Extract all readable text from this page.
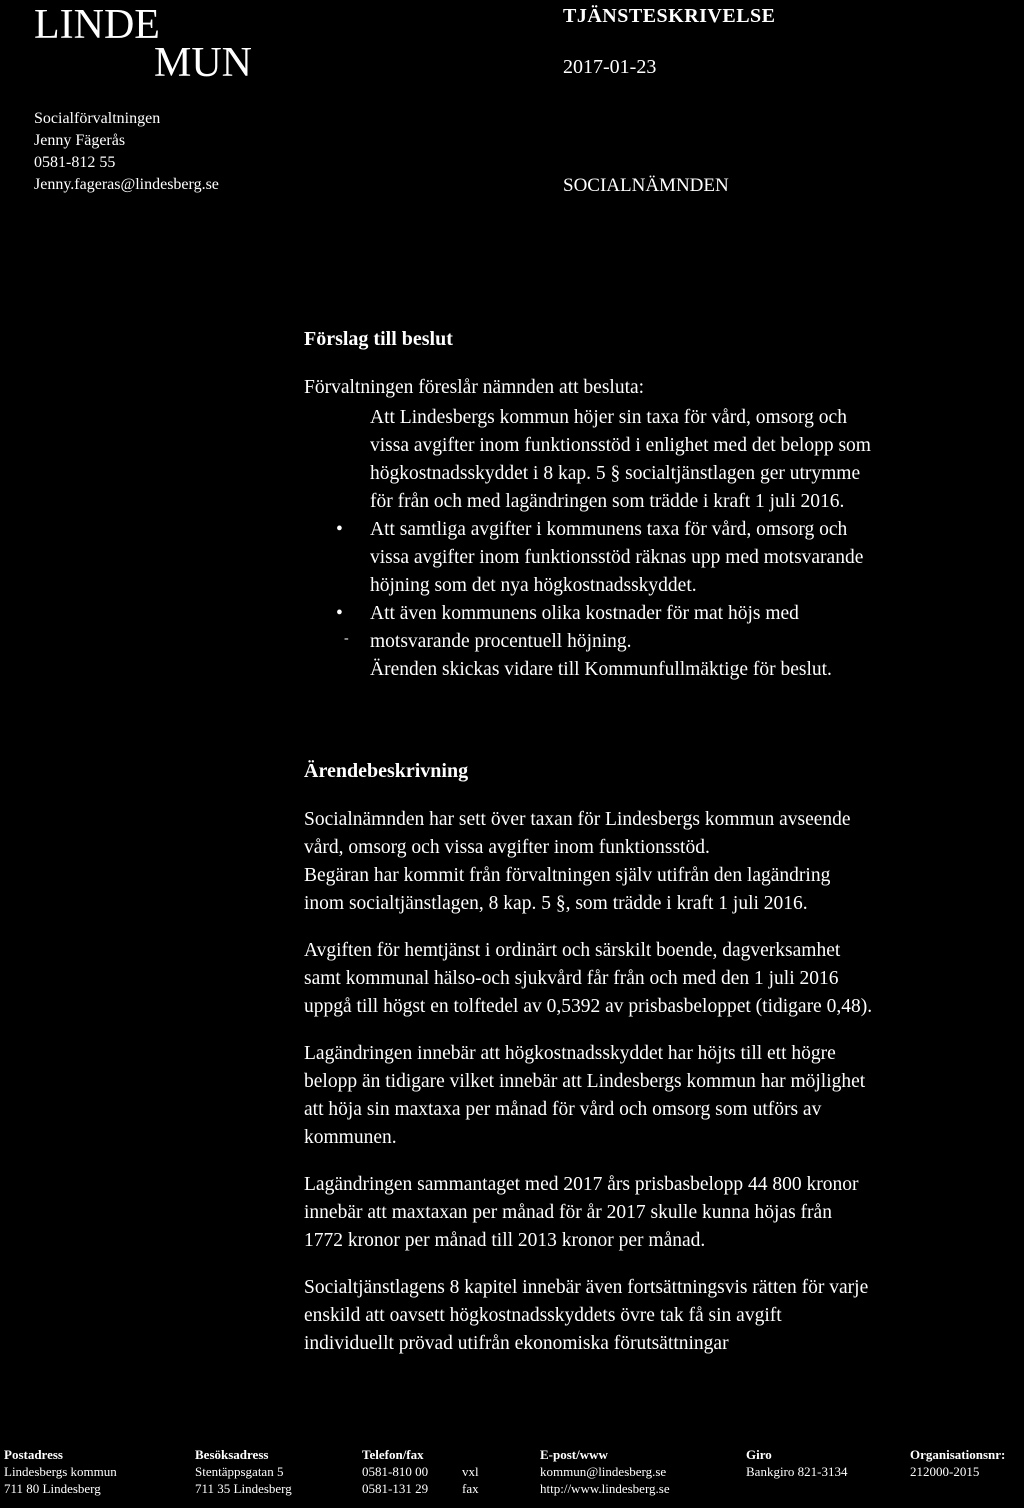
LINDE
MUN
Socialförvaltningen
Jenny Fägerås
0581-812 55
Jenny.fageras@lindesberg.se
TJÄNSTESKRIVELSE
2017-01-23
SOCIALNÄMNDEN
Förslag till beslut
Förvaltningen föreslår nämnden att besluta:
Att Lindesbergs kommun höjer sin taxa för vård, omsorg och
vissa avgifter inom funktionsstöd i enlighet med det belopp som
högkostnadsskyddet i 8 kap. 5 § socialtjänstlagen ger utrymme
för från och med lagändringen som trädde i kraft 1 juli 2016.
• Att samtliga avgifter i kommunens taxa för vård, omsorg och
vissa avgifter inom funktionsstöd räknas upp med motsvarande
höjning som det nya högkostnadsskyddet.
• Att även kommunens olika kostnader för mat höjs med
- motsvarande procentuell höjning.
Ärenden skickas vidare till Kommunfullmäktige för beslut.
Ärendebeskrivning
Socialnämnden har sett över taxan för Lindesbergs kommun avseende
vård, omsorg och vissa avgifter inom funktionsstöd.
Begäran har kommit från förvaltningen själv utifrån den lagändring
inom socialtjänstlagen, 8 kap. 5 §, som trädde i kraft 1 juli 2016.
Avgiften för hemtjänst i ordinärt och särskilt boende, dagverksamhet
samt kommunal hälso-och sjukvård får från och med den 1 juli 2016
uppgå till högst en tolftedel av 0,5392 av prisbasbeloppet (tidigare 0,48).
Lagändringen innebär att högkostnadsskyddet har höjts till ett högre
belopp än tidigare vilket innebär att Lindesbergs kommun har möjlighet
att höja sin maxtaxa per månad för vård och omsorg som utförs av
kommunen.
Lagändringen sammantaget med 2017 års prisbasbelopp 44 800 kronor
innebär att maxtaxan per månad för år 2017 skulle kunna höjas från
1772 kronor per månad till 2013 kronor per månad.
Socialtjänstlagens 8 kapitel innebär även fortsättningsvis rätten för varje
enskild att oavsett högkostnadsskyddets övre tak få sin avgift
individuellt prövad utifrån ekonomiska förutsättningar
Postadress
Lindesbergs kommun
711 80 Lindesberg
Besöksadress
Stentäppsgatan 5
711 35 Lindesberg
Telefon/fax
0581-810 00	vxl
0581-131 29	fax
E-post/www
kommun@lindesberg.se
http://www.lindesberg.se
Giro
Bankgiro 821-3134
Organisationsnr:
212000-2015
